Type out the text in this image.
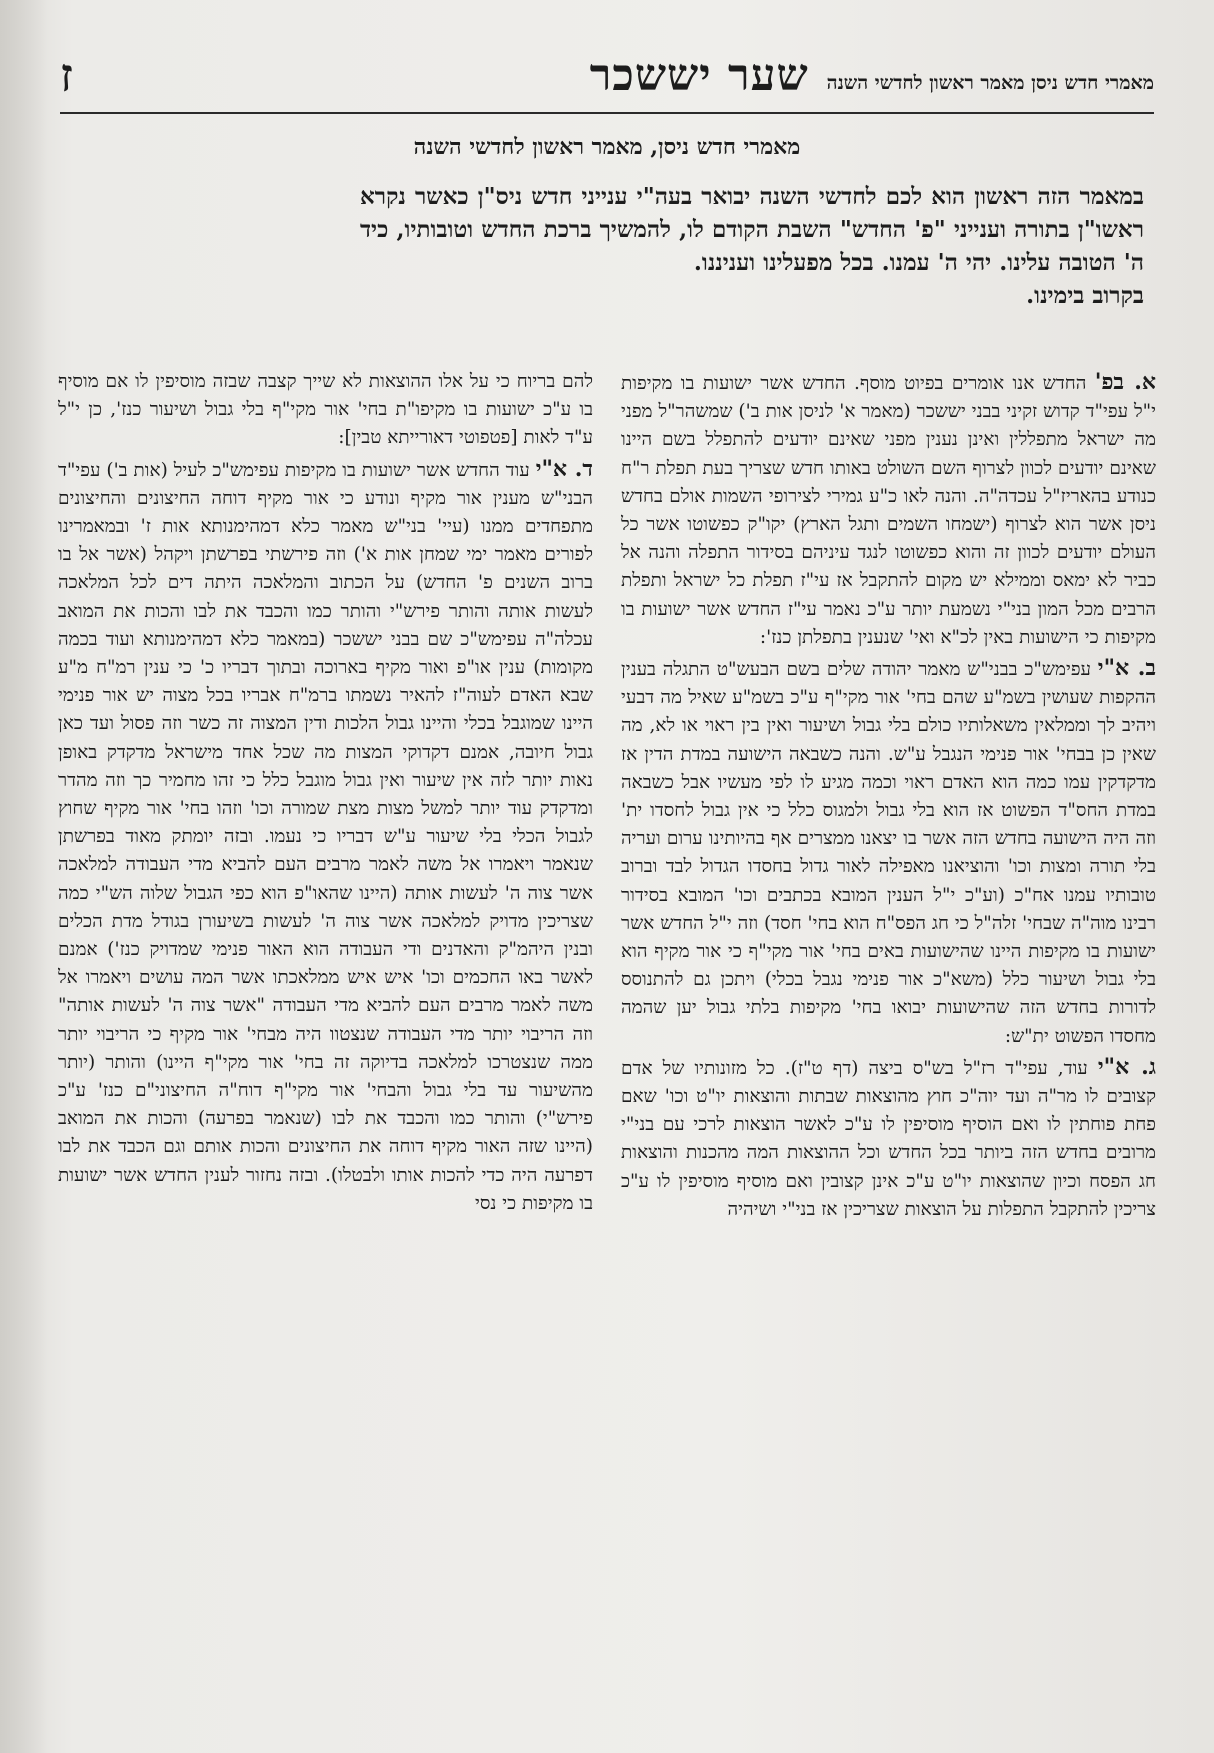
שער יששכר מאמרי חדש ניסן מאמר ראשון לחדשי השנה
ז
מאמרי חדש ניסן, מאמר ראשון לחדשי השנה
במאמר הזה ראשון הוא לכם לחדשי השנה יבואר בעה"י ענייני חדש ניס"ן כאשר נקרא ראשו"ן בתורה וענייני "פ' החדש" השבת הקודם לו, להמשיך ברכת החדש וטובותיו, כיד ה' הטובה עלינו. יהי ה' עמנו. בכל מפעלינו ועניננו.
בקרוב בימינו.

א. בפ' החדש אנו אומרים בפיוט מוסף. החדש אשר ישועות בו מקיפות י"ל עפי"ד קדוש זקיני בבני יששכר (מאמר א' לניסן אות ב') שמשהר"ל מפני מה ישראל מתפללין ואינן נענין מפני שאינם יודעים להתפלל בשם היינו שאינם יודעים לכוון לצרוף השם השולט באותו חדש שצריך בעת תפלת ר"ח כנודע בהאריז"ל עכדה"ה. והנה לאו כ"ע גמירי לצירופי השמות אולם בחדש ניסן אשר הוא לצרוף (ישמחו השמים ותגל הארץ) יקו"ק כפשוטו אשר כל העולם יודעים לכוון זה והוא כפשוטו לנגד עיניהם בסידור התפלה והנה אל כביר לא ימאס וממילא יש מקום להתקבל אז עי"ז תפלת כל ישראל ותפלת הרבים מכל המון בני"י נשמעת יותר ע"כ נאמר עי"ז החדש אשר ישועות בו מקיפות כי הישועות באין לכ"א ואי' שנענין בתפלתן כנז':

ב. א"י עפימש"כ בבני"ש מאמר יהודה שלים בשם הבעש"ט התגלה בענין ההקפות שעושין בשמ"ע שהם בחי' אור מקי"ף ע"כ בשמ"ע שאיל מה דבעי ויהיב לך וממלאין משאלותיו כולם בלי גבול ושיעור ואין בין ראוי או לא, מה שאין כן בבחי' אור פנימי הנגבל ע"ש. והנה כשבאה הישועה במדת הדין אז מדקדקין עמו כמה הוא האדם ראוי וכמה מגיע לו לפי מעשיו אבל כשבאה במדת החס"ד הפשוט אז הוא בלי גבול ולמגוס כלל כי אין גבול לחסדו ית' וזה היה הישועה בחדש הזה אשר בו יצאנו ממצרים אף בהיותינו ערום ועריה בלי תורה ומצות וכו' והוציאנו מאפילה לאור גדול בחסדו הגדול לבד וברוב טובותיו עמנו אח"כ (וע"כ י"ל הענין המובא בכתבים וכו' המובא בסידור רבינו מוה"ה שבחי' זלה"ל כי חג הפס"ח הוא בחי' חסד) וזה י"ל החדש אשר ישועות בו מקיפות היינו שהישועות באים בחי' אור מקי"ף כי אור מקיף הוא בלי גבול ושיעור כלל (משא"כ אור פנימי נגבל בכלי) ויתכן גם להתנוסס לדורות בחדש הזה שהישועות יבואו בחי' מקיפות בלתי גבול יען שהמה מחסדו הפשוט ית"ש:

ג. א"י עוד, עפי"ד רז"ל בש"ס ביצה (דף ט"ז). כל מזונותיו של אדם קצובים לו מר"ה ועד יוה"כ חוץ מהוצאות שבתות והוצאות יו"ט וכו' שאם פחת פוחתין לו ואם הוסיף מוסיפין לו ע"כ לאשר הוצאות לרכי עם בני"י מרובים בחדש הזה ביותר בכל החדש וכל ההוצאות המה מהכנות והוצאות חג הפסח וכיון שהוצאות יו"ט ע"כ אינן קצובין ואם מוסיף מוסיפין לו ע"כ צריכין להתקבל התפלות על הוצאות שצריכין אז בני"י ושיהיה

להם בריוח כי על אלו ההוצאות לא שייך קצבה שבזה מוסיפין לו אם מוסיף בו ע"כ ישועות בו מקיפו"ת בחי' אור מקי"ף בלי גבול ושיעור כנז', כן י"ל ע"ד לאות [פטפוטי דאורייתא טבין]:

ד. א"י עוד החדש אשר ישועות בו מקיפות עפימש"כ לעיל (אות ב') עפי"ד הבני"ש מענין אור מקיף ונודע כי אור מקיף דוחה החיצונים והחיצונים מתפחדים ממנו (עיי' בני"ש מאמר כלא דמהימנותא אות ז' ובמאמרינו לפורים מאמר ימי שמחן אות א') וזה פירשתי בפרשתן ויקהל (אשר אל בו ברוב השנים פ' החדש) על הכתוב והמלאכה היתה דים לכל המלאכה לעשות אותה והותר פירש"י והותר כמו והכבד את לבו והכות את המואב עכלה"ה עפימש"כ שם בבני יששכר (במאמר כלא דמהימנותא ועוד בכמה מקומות) ענין או"פ ואור מקיף בארוכה ובתוך דבריו כ' כי ענין רמ"ח מ"ע שבא האדם לעוה"ז להאיר נשמתו ברמ"ח אבריו בכל מצוה יש אור פנימי היינו שמוגבל בכלי והיינו גבול הלכות ודין המצוה זה כשר וזה פסול ועד כאן גבול חיובה, אמנם דקדוקי המצות מה שכל אחד מישראל מדקדק באופן נאות יותר לזה אין שיעור ואין גבול מוגבל כלל כי זהו מחמיר כך וזה מהדר ומדקדק עוד יותר למשל מצות מצת שמורה וכו' וזהו בחי' אור מקיף שחוץ לגבול הכלי בלי שיעור ע"ש דבריו כי נעמו. ובזה יומתק מאוד בפרשתן שנאמר ויאמרו אל משה לאמר מרבים העם להביא מדי העבודה למלאכה אשר צוה ה' לעשות אותה (היינו שהאו"פ הוא כפי הגבול שלוה הש"י כמה שצריכין מדויק למלאכה אשר צוה ה' לעשות בשיעורן בגודל מדת הכלים ובנין היהמ"ק והאדנים ודי העבודה הוא האור פנימי שמדויק כנז') אמנם לאשר באו החכמים וכו' איש איש ממלאכתו אשר המה עושים ויאמרו אל משה לאמר מרבים העם להביא מדי העבודה "אשר צוה ה' לעשות אותה" וזה הריבוי יותר מדי העבודה שנצטוו היה מבחי' אור מקיף כי הריבוי יותר ממה שנצטרכו למלאכה בדיוקה זה בחי' אור מקי"ף היינו) והותר (יותר מהשיעור עד בלי גבול והבחי' אור מקי"ף דוח"ה החיצוני"ם כנז' ע"כ פירש"י) והותר כמו והכבד את לבו (שנאמר בפרעה) והכות את המואב (היינו שזה האור מקיף דוחה את החיצונים והכות אותם וגם הכבד את לבו דפרעה היה כדי להכות אותו ולבטלו). ובזה נחזור לענין החדש אשר ישועות בו מקיפות כי נסי
